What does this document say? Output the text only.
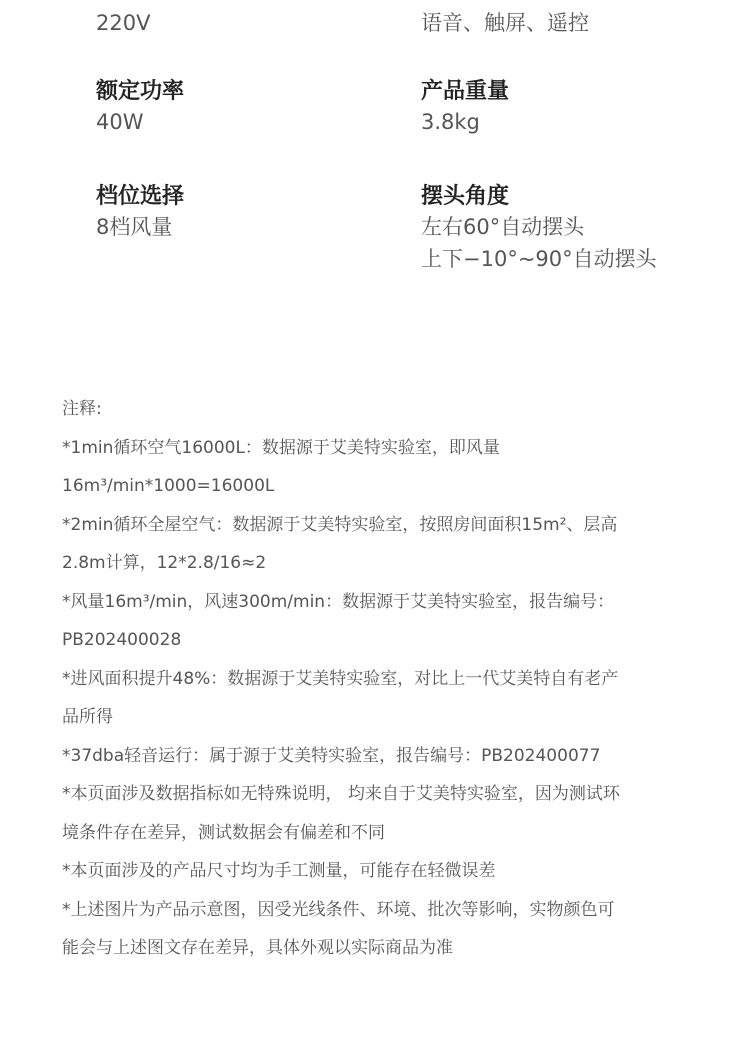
220V	语音、触屏、遥控
额定功率
40W
产品重量
3.8kg
档位选择
8档风量
摆头角度
左右60°自动摆头
上下−10°~90°自动摆头

注释:

*1min循环空气16000L：数据源于艾美特实验室，即风量

16m³/min*1000=16000L

*2min循环全屋空气：数据源于艾美特实验室，按照房间面积15m²、层高

2.8m计算，12*2.8/16≈2

*风量16m³/min，风速300m/min：数据源于艾美特实验室，报告编号：

PB202400028

*进风面积提升48%：数据源于艾美特实验室，对比上一代艾美特自有老产

品所得

*37dba轻音运行：属于源于艾美特实验室，报告编号：PB202400077

*本页面涉及数据指标如无特殊说明， 均来自于艾美特实验室，因为测试环

境条件存在差异，测试数据会有偏差和不同

*本页面涉及的产品尺寸均为手工测量，可能存在轻微误差

*上述图片为产品示意图，因受光线条件、环境、批次等影响，实物颜色可

能会与上述图文存在差异，具体外观以实际商品为准
